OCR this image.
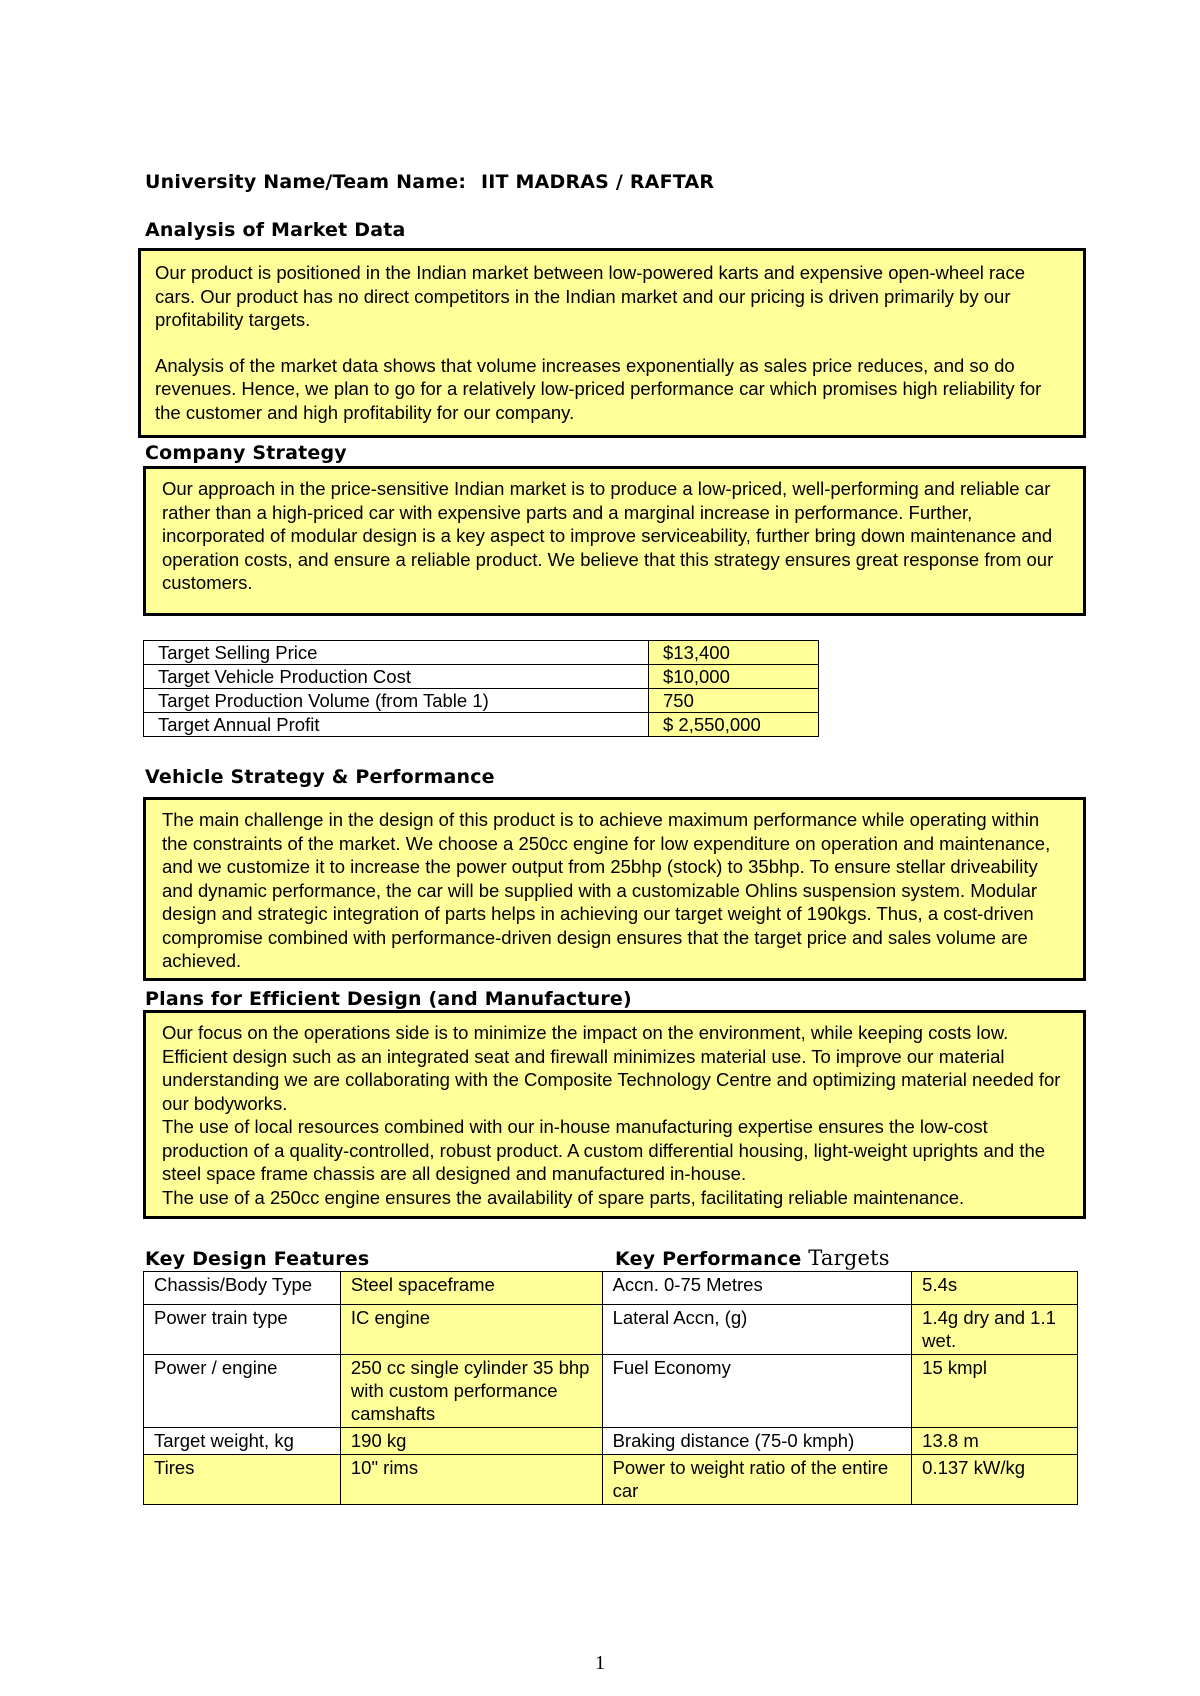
University Name/Team Name: IIT MADRAS / RAFTAR
Analysis of Market Data

Our product is positioned in the Indian market between low-powered karts and expensive open-wheel race cars. Our product has no direct competitors in the Indian market and our pricing is driven primarily by our profitability targets.

Analysis of the market data shows that volume increases exponentially as sales price reduces, and so do revenues. Hence, we plan to go for a relatively low-priced performance car which promises high reliability for the customer and high profitability for our company.

Company Strategy

Our approach in the price-sensitive Indian market is to produce a low-priced, well-performing and reliable car rather than a high-priced car with expensive parts and a marginal increase in performance. Further, incorporated of modular design is a key aspect to improve serviceability, further bring down maintenance and operation costs, and ensure a reliable product. We believe that this strategy ensures great response from our customers.

Target Selling Price	$13,400
Target Vehicle Production Cost	$10,000
Target Production Volume (from Table 1)	750
Target Annual Profit	$ 2,550,000
Vehicle Strategy & Performance

The main challenge in the design of this product is to achieve maximum performance while operating within the constraints of the market. We choose a 250cc engine for low expenditure on operation and maintenance, and we customize it to increase the power output from 25bhp (stock) to 35bhp. To ensure stellar driveability and dynamic performance, the car will be supplied with a customizable Ohlins suspension system. Modular design and strategic integration of parts helps in achieving our target weight of 190kgs. Thus, a cost-driven compromise combined with performance-driven design ensures that the target price and sales volume are achieved.

Plans for Efficient Design (and Manufacture)

Our focus on the operations side is to minimize the impact on the environment, while keeping costs low. Efficient design such as an integrated seat and firewall minimizes material use. To improve our material understanding we are collaborating with the Composite Technology Centre and optimizing material needed for our bodyworks.

The use of local resources combined with our in-house manufacturing expertise ensures the low-cost production of a quality-controlled, robust product. A custom differential housing, light-weight uprights and the steel space frame chassis are all designed and manufactured in-house.

The use of a 250cc engine ensures the availability of spare parts, facilitating reliable maintenance.

Key Design Features	Key Performance Targets
Chassis/Body Type	Steel spaceframe	Accn. 0-75 Metres	5.4s
Power train type	IC engine	Lateral Accn, (g)	1.4g dry and 1.1 wet.
Power / engine	250 cc single cylinder 35 bhp with custom performance camshafts	Fuel Economy	15 kmpl
Target weight, kg	190 kg	Braking distance (75-0 kmph)	13.8 m
Tires	10" rims	Power to weight ratio of the entire car	0.137 kW/kg
1
